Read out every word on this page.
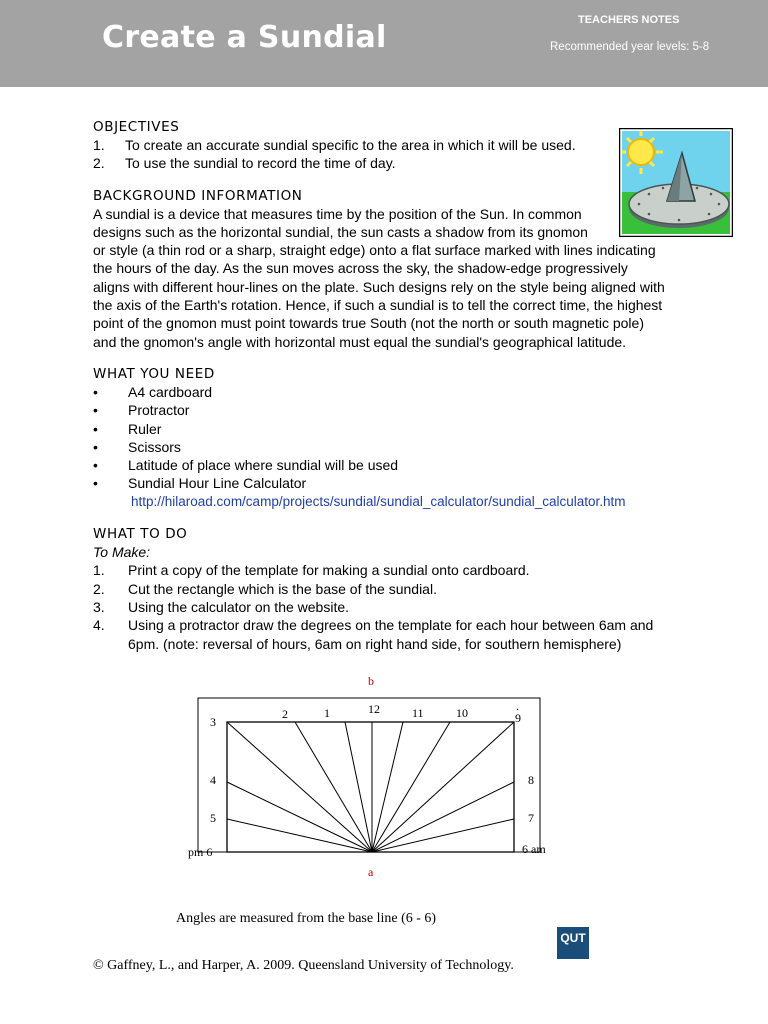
Create a Sundial	TEACHERS NOTES
Recommended year levels: 5-8
OBJECTIVES
1. To create an accurate sundial specific to the area in which it will be used.
2. To use the sundial to record the time of day.
BACKGROUND INFORMATION

A sundial is a device that measures time by the position of the Sun. In common

designs such as the horizontal sundial, the sun casts a shadow from its gnomon

or style (a thin rod or a sharp, straight edge) onto a flat surface marked with lines indicating

the hours of the day. As the sun moves across the sky, the shadow-edge progressively

aligns with different hour-lines on the plate. Such designs rely on the style being aligned with

the axis of the Earth's rotation. Hence, if such a sundial is to tell the correct time, the highest

point of the gnomon must point towards true South (not the north or south magnetic pole)

and the gnomon's angle with horizontal must equal the sundial's geographical latitude.

WHAT YOU NEED
• A4 cardboard
• Protractor
• Ruler
• Scissors
• Latitude of place where sundial will be used
• Sundial Hour Line Calculator
http://hilaroad.com/camp/projects/sundial/sundial_calculator/sundial_calculator.htm
WHAT TO DO
To Make:
1. Print a copy of the template for making a sundial onto cardboard.
2. Cut the rectangle which is the base of the sundial.
3. Using the calculator on the website.
4. Using a protractor draw the degrees on the template for each hour between 6am and
6pm. (note: reversal of hours, 6am on right hand side, for southern hemisphere)
b
a
3
4
5
2	1	12	11	10	9
8
7
.
pm 6	6 am
Angles are measured from the base line (6 - 6)
QUT
© Gaffney, L., and Harper, A. 2009. Queensland University of Technology.
